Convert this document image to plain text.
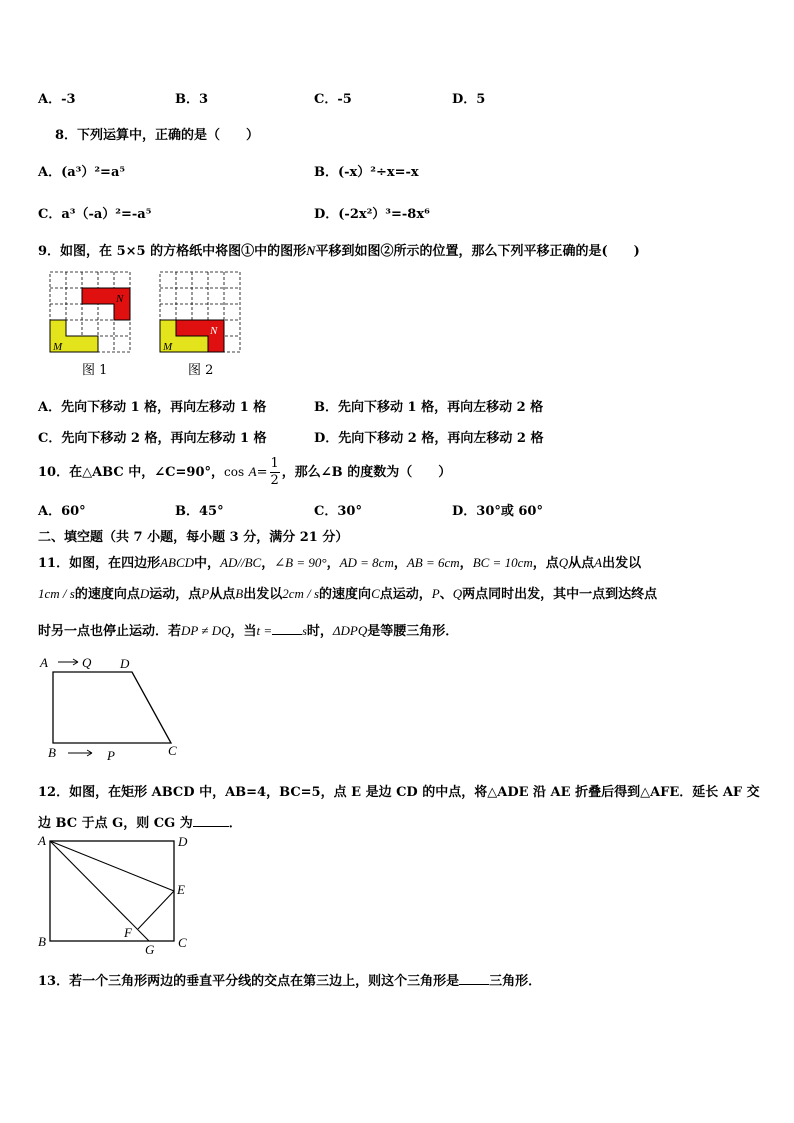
A．-3	B．3	C．-5	D．5
8．下列运算中，正确的是（　　）
A．(a³）²=a⁵	B．(-x）²÷x=-x
C．a³（-a）²=-a⁵	D．(-2x²）³=-8x⁶
9．如图，在 5×5 的方格纸中将图①中的图形N平移到如图②所示的位置，那么下列平移正确的是(　　)
N
M
N
M
图 1	图 2
A．先向下移动 1 格，再向左移动 1 格	B．先向下移动 1 格，再向左移动 2 格
C．先向下移动 2 格，再向左移动 1 格	D．先向下移动 2 格，再向左移动 2 格
10．在△ABC 中，∠C=90°，$\cos A= \frac{1}{2}$ ，那么∠B 的度数为（　　）
A．60°	B．45°	C．30°	D．30°或 60°
二、填空题（共 7 小题，每小题 3 分，满分 21 分）
11．如图，在四边形ABCD中，AD//BC，∠B = 90°，AD = 8cm，AB = 6cm，BC = 10cm，点Q从点A出发以
1cm / s的速度向点D运动，点P从点B出发以2cm / s的速度向C点运动，P、Q两点同时出发，其中一点到达终点
时另一点也停止运动．若DP ≠ DQ，当t =	s时，ΔDPQ是等腰三角形．
A	Q D
B	P	C
12．如图，在矩形 ABCD 中，AB=4，BC=5，点 E 是边 CD 的中点，将△ADE 沿 AE 折叠后得到△AFE．延长 AF 交
边 BC 于点 G，则 CG 为	．
A	D
E
B
F
G C
13．若一个三角形两边的垂直平分线的交点在第三边上，则这个三角形是 三角形．
